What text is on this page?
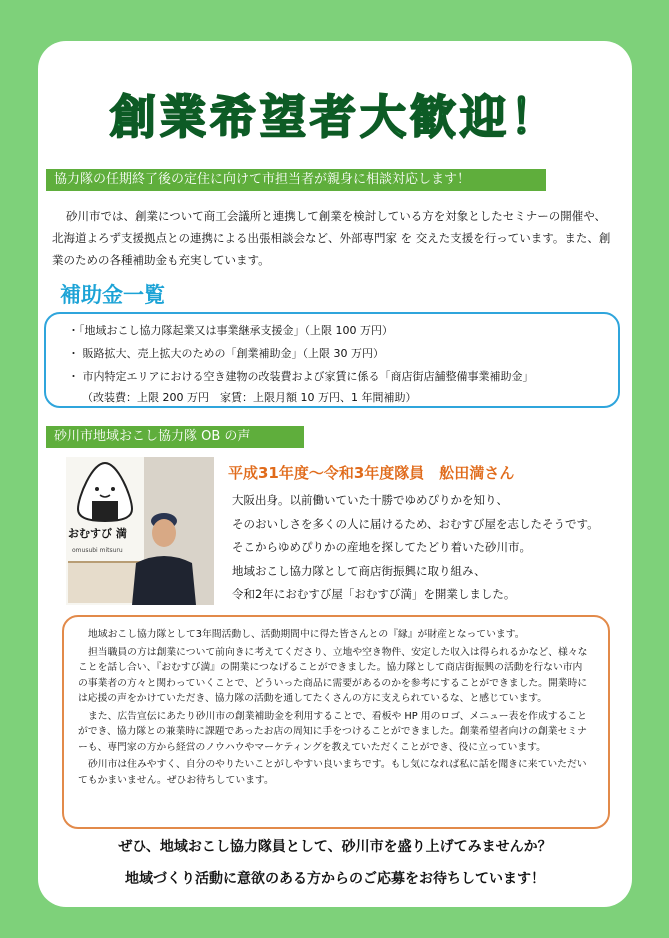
創業希望者大歓迎！
協力隊の任期終了後の定住に向けて市担当者が親身に相談対応します！
砂川市では、創業について商工会議所と連携して創業を検討している方を対象としたセミナーの開催や、北海道よろず支援拠点との連携による出張相談会など、外部専門家 を 交えた支援を行っています。また、創業のための各種補助金も充実しています。
補助金一覧
・「地域おこし協力隊起業又は事業継承支援金」（上限 100 万円）
・ 販路拡大、売上拡大のための「創業補助金」（上限 30 万円）
・ 市内特定エリアにおける空き建物の改装費および家賃に係る「商店街店舗整備事業補助金」
（改装費：上限 200 万円　家賃：上限月額 10 万円、1 年間補助）
砂川市地域おこし協力隊 OB の声
おむすび 満
omusubi mitsuru
平成31年度～令和3年度隊員　舩田満さん
大阪出身。以前働いていた十勝でゆめぴりかを知り、
そのおいしさを多くの人に届けるため、おむすび屋を志したそうです。
そこからゆめぴりかの産地を探してたどり着いた砂川市。
地域おこし協力隊として商店街振興に取り組み、
令和2年におむすび屋「おむすび満」を開業しました。

地域おこし協力隊として3年間活動し、活動期間中に得た皆さんとの『縁』が財産となっています。

担当職員の方は創業について前向きに考えてくださり、立地や空き物件、安定した収入は得られるかなど、様々なことを話し合い、『おむすび満』の開業につなげることができました。協力隊として商店街振興の活動を行ない市内の事業者の方々と関わっていくことで、どういった商品に需要があるのかを参考にすることができました。開業時には応援の声をかけていただき、協力隊の活動を通してたくさんの方に支えられているな、と感じています。

また、広告宣伝にあたり砂川市の創業補助金を利用することで、看板や HP 用のロゴ、メニュー表を作成することができ、協力隊との兼業時に課題であったお店の周知に手をつけることができました。創業希望者向けの創業セミナーも、専門家の方から経営のノウハウやマーケティングを教えていただくことができ、役に立っています。

砂川市は住みやすく、自分のやりたいことがしやすい良いまちです。もし気になれば私に話を聞きに来ていただいてもかまいません。ぜひお待ちしています。

ぜひ、地域おこし協力隊員として、砂川市を盛り上げてみませんか？
地域づくり活動に意欲のある方からのご応募をお待ちしています！
